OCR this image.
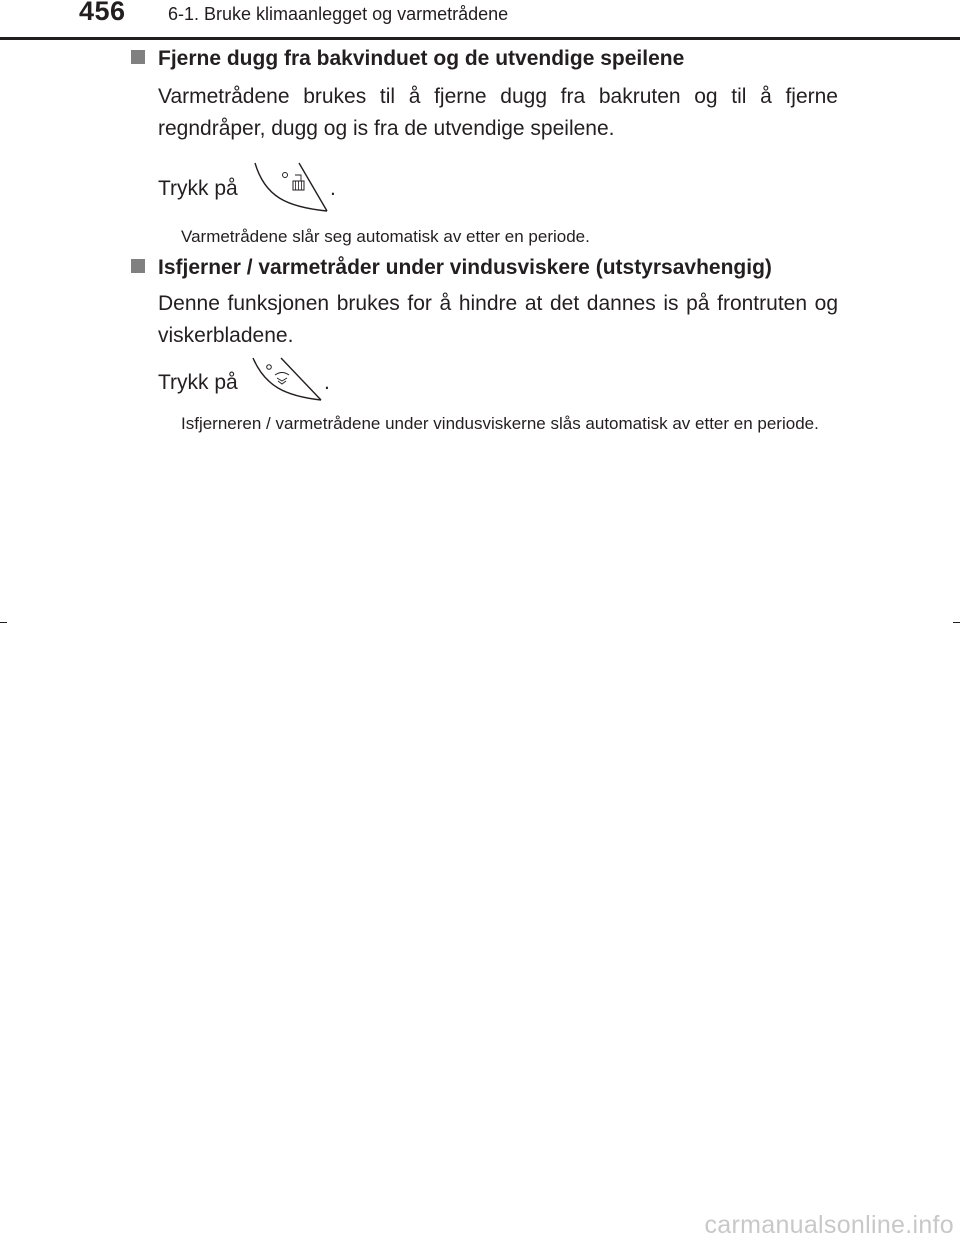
456 6-1. Bruke klimaanlegget og varmetrådene
Fjerne dugg fra bakvinduet og de utvendige speilene
Varmetrådene brukes til å fjerne dugg fra bakruten og til å fjerne regndråper, dugg og is fra de utvendige speilene.
Trykk på	.
Varmetrådene slår seg automatisk av etter en periode.
Isfjerner / varmetråder under vindusviskere (utstyrsavhengig)
Denne funksjonen brukes for å hindre at det dannes is på frontruten og viskerbladene.
Trykk på	.
Isfjerneren / varmetrådene under vindusviskerne slås automatisk av etter en periode.
carmanualsonline.info
